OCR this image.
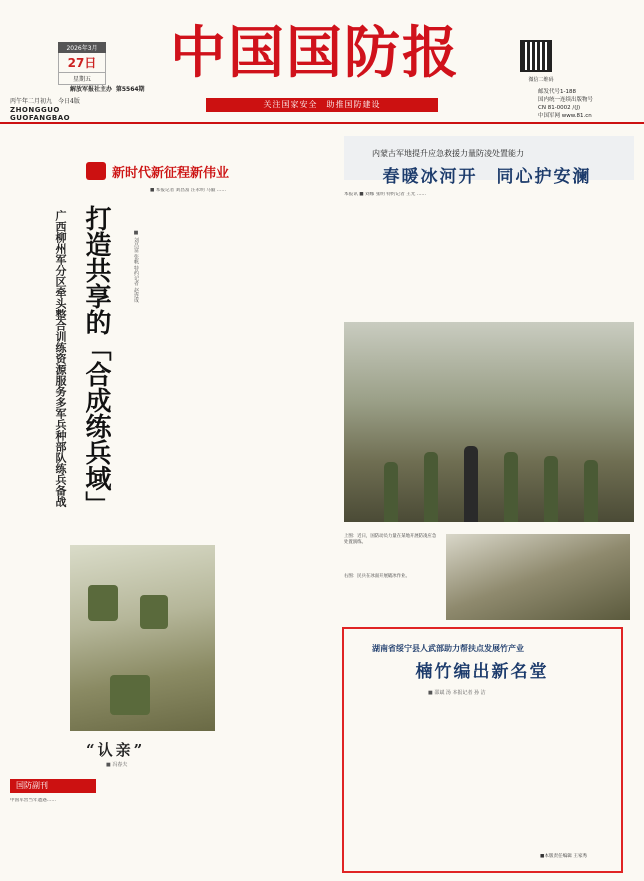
2026年3月
27日
星期五
解放军报社主办 第5564期
丙午年二月初九　今日4版
ZHONGGUO GUOFANGBAO
中国国防报
关注国家安全　助推国防建设
微信二维码
邮发代号1-188
国内统一连续出版物号
CN 81-0002 /(J)
中国军网 www.81.cn
新时代新征程新伟业
广西柳州军分区牵头整合训练资源服务多军兵种部队练兵备战 打造共享的「合成练兵域」	■ 刘昌富 张帆 特约记者 赵连成
■ 本报记者 刘昌富 汪永明 马毅 ……
“认亲”
■ 冯春夫
国防副刊
中国军营当年遭遇……
内蒙古军地提升应急救援力量防凌处置能力
春暖冰河开　同心护安澜
本报讯 ■ 刘娜 张明 特约记者 王光 ……
上图：近日，国防动员力量在某地开展防凌应急处置演练。
右图：民兵在冰面开展破冰作业。
湖南省绥宁县人武部助力帮扶点发展竹产业
楠竹编出新名堂
■ 邵斌 汤 本报记者 孙 洁
■本版责任编辑 王家秀
